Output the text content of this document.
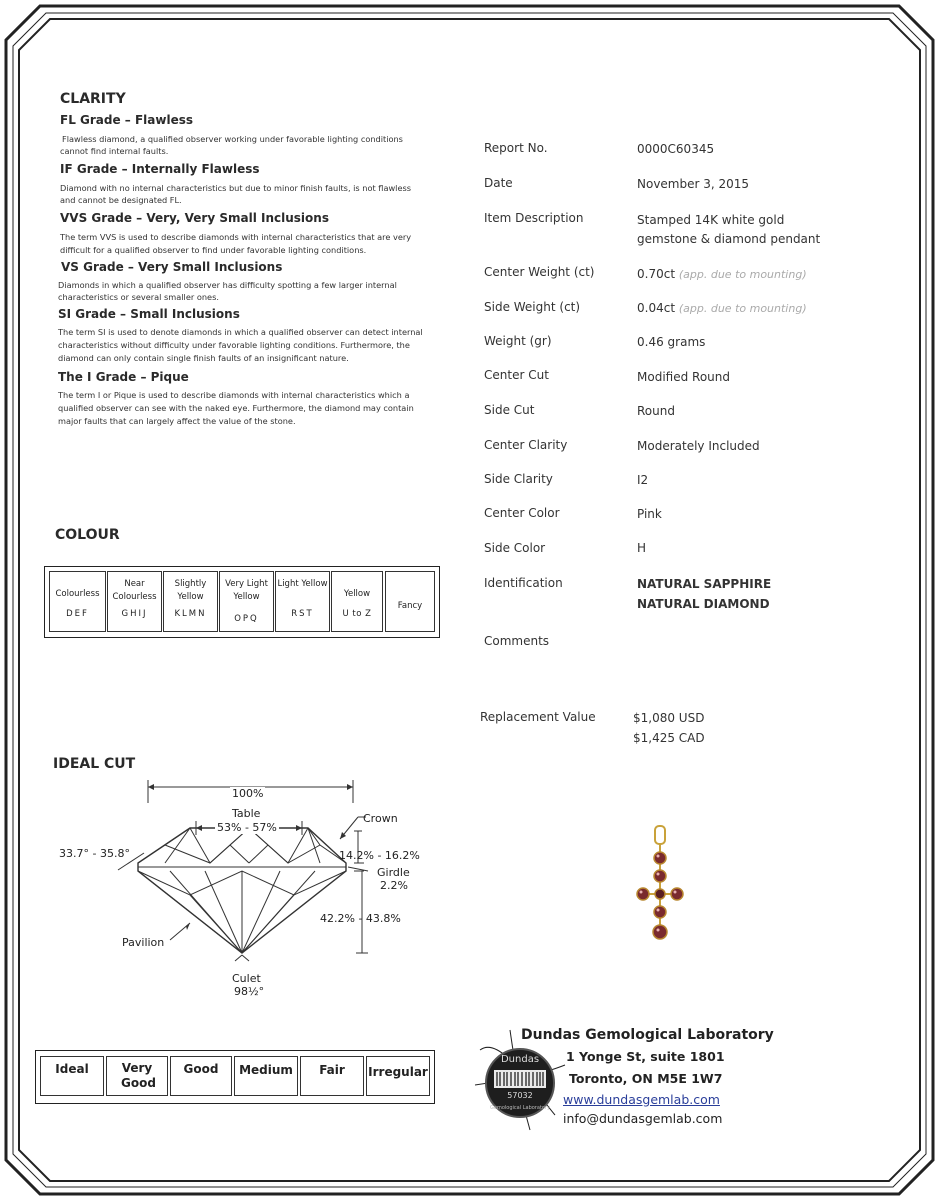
CLARITY
FL Grade – Flawless
Flawless diamond, a qualified observer working under favorable lighting conditions
cannot find internal faults.
IF Grade – Internally Flawless
Diamond with no internal characteristics but due to minor finish faults, is not flawless
and cannot be designated FL.
VVS Grade – Very, Very Small Inclusions
The term VVS is used to describe diamonds with internal characteristics that are very
difficult for a qualified observer to find under favorable lighting conditions.
VS Grade – Very Small Inclusions
Diamonds in which a qualified observer has difficulty spotting a few larger internal
characteristics or several smaller ones.
SI Grade – Small Inclusions
The term SI is used to denote diamonds in which a qualified observer can detect internal
characteristics without difficulty under favorable lighting conditions. Furthermore, the
diamond can only contain single finish faults of an insignificant nature.
The I Grade – Pique
The term I or Pique is used to describe diamonds with internal characteristics which a
qualified observer can see with the naked eye. Furthermore, the diamond may contain
major faults that can largely affect the value of the stone.
COLOUR
Colourless
DEF
Near Colourless
GHIJ
Slightly Yellow
KLMN
Very Light Yellow
OPQ
Light Yellow
RST
Yellow
U to Z
Fancy
IDEAL CUT
100%
Table
53% - 57%
Crown
33.7° - 35.8°	14.2% - 16.2%
Girdle
2.2%
42.2% - 43.8%
Pavilion
Culet
98½°
Ideal	Very Good
Good	Medium	Fair	Irregular
Report No.	0000C60345
Date	November 3, 2015
Item Description	Stamped 14K white gold
gemstone & diamond pendant
Center Weight (ct)	0.70ct (app. due to mounting)
Side Weight (ct)	0.04ct (app. due to mounting)
Weight (gr)	0.46 grams
Center Cut	Modified Round
Side Cut	Round
Center Clarity	Moderately Included
Side Clarity	I2
Center Color	Pink
Side Color	H
Identification	NATURAL SAPPHIRE
NATURAL DIAMOND
Comments
Replacement Value	$1,080 USD
$1,425 CAD
Dundas
57032
Gemological Laboratory
Dundas Gemological Laboratory
1 Yonge St, suite 1801
Toronto, ON M5E 1W7
www.dundasgemlab.com
info@dundasgemlab.com
